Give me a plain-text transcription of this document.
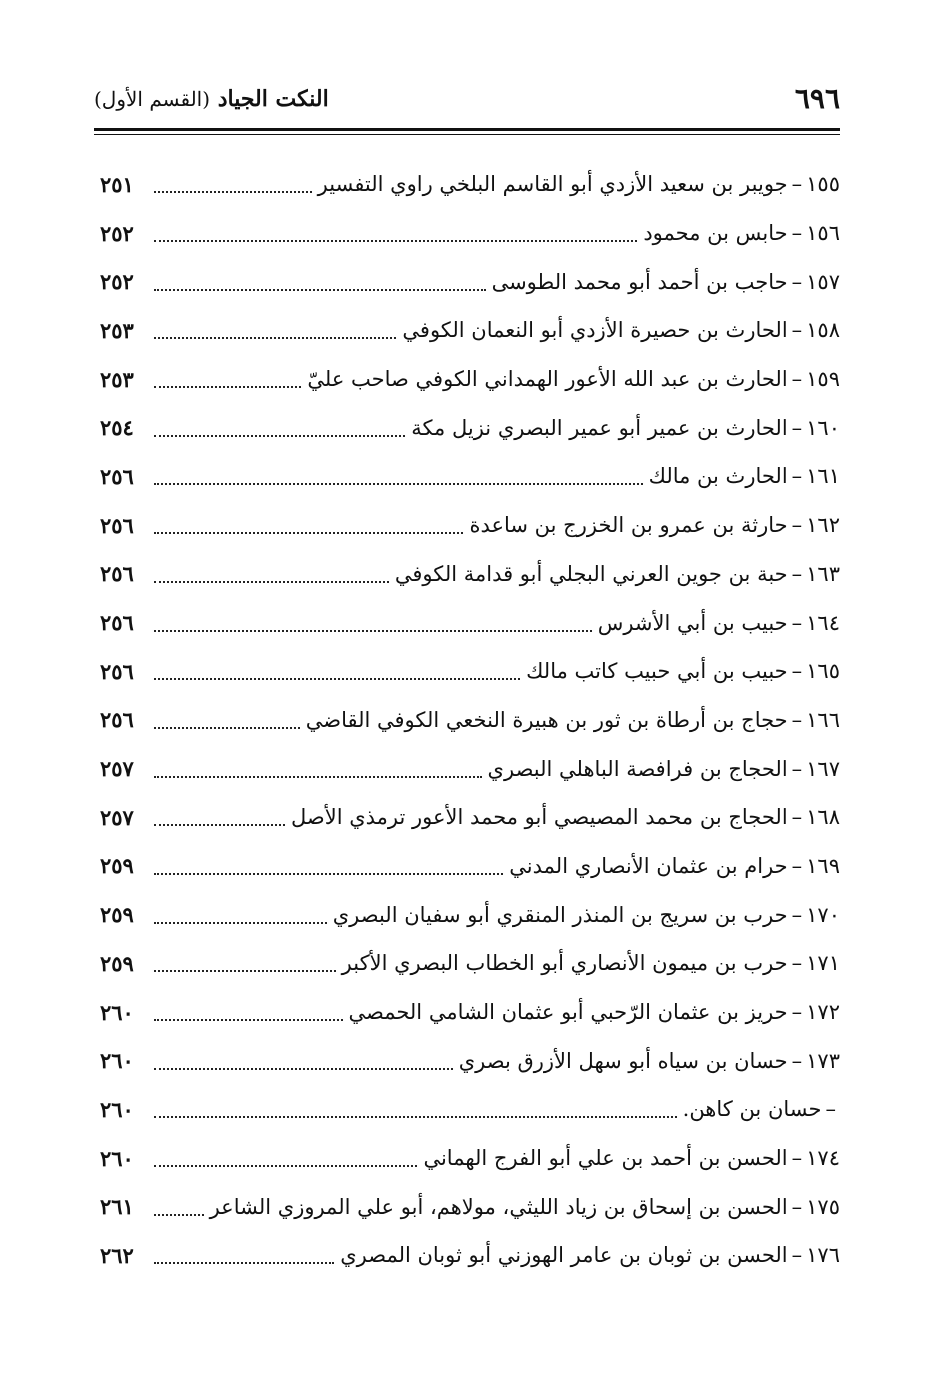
٦٩٦
النكت الجياد (القسم الأول)
١٥٥
–
جويبر بن سعيد الأزدي أبو القاسم البلخي راوي التفسير
٢٥١
١٥٦
–
حابس بن محمود
٢٥٢
١٥٧
–
حاجب بن أحمد أبو محمد الطوسى
٢٥٢
١٥٨
–
الحارث بن حصيرة الأزدي أبو النعمان الكوفي
٢٥٣
١٥٩
–
الحارث بن عبد الله الأعور الهمداني الكوفي صاحب عليّ
٢٥٣
١٦٠
–
الحارث بن عمير أبو عمير البصري نزيل مكة
٢٥٤
١٦١
–
الحارث بن مالك
٢٥٦
١٦٢
–
حارثة بن عمرو بن الخزرج بن ساعدة
٢٥٦
١٦٣
–
حبة بن جوين العرني البجلي أبو قدامة الكوفي
٢٥٦
١٦٤
–
حبيب بن أبي الأشرس
٢٥٦
١٦٥
–
حبيب بن أبي حبيب كاتب مالك
٢٥٦
١٦٦
–
حجاج بن أرطاة بن ثور بن هبيرة النخعي الكوفي القاضي
٢٥٦
١٦٧
–
الحجاج بن فرافصة الباهلي البصري
٢٥٧
١٦٨
–
الحجاج بن محمد المصيصي أبو محمد الأعور ترمذي الأصل
٢٥٧
١٦٩
–
حرام بن عثمان الأنصاري المدني
٢٥٩
١٧٠
–
حرب بن سريج بن المنذر المنقري أبو سفيان البصري
٢٥٩
١٧١
–
حرب بن ميمون الأنصاري أبو الخطاب البصري الأكبر
٢٥٩
١٧٢
–
حريز بن عثمان الرّحبي أبو عثمان الشامي الحمصي
٢٦٠
١٧٣
–
حسان بن سياه أبو سهل الأزرق بصري
٢٦٠
–
حسان بن كاهن.
٢٦٠
١٧٤
–
الحسن بن أحمد بن علي أبو الفرج الهماني
٢٦٠
١٧٥
–
الحسن بن إسحاق بن زياد الليثي، مولاهم، أبو علي المروزي الشاعر
٢٦١
١٧٦
–
الحسن بن ثوبان بن عامر الهوزني أبو ثوبان المصري
٢٦٢
